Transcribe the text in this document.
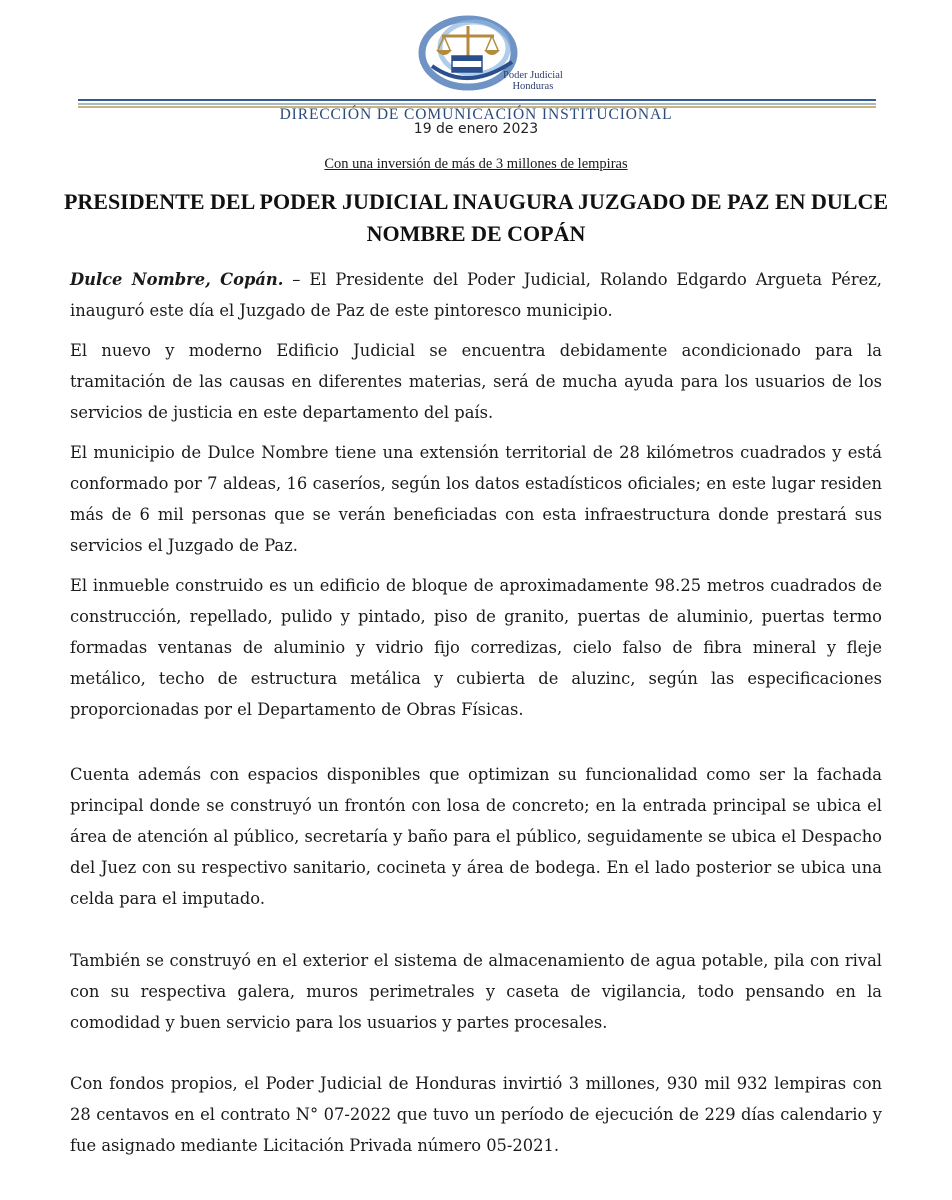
Poder Judicial
Honduras
DIRECCIÓN DE COMUNICACIÓN INSTITUCIONAL
19 de enero 2023
Con una inversión de más de 3 millones de lempiras
PRESIDENTE DEL PODER JUDICIAL INAUGURA JUZGADO DE PAZ EN DULCE NOMBRE DE COPÁN

Dulce Nombre, Copán. – El Presidente del Poder Judicial, Rolando Edgardo Argueta Pérez, inauguró este día el Juzgado de Paz de este pintoresco municipio.

El nuevo y moderno Edificio Judicial se encuentra debidamente acondicionado para la tramitación de las causas en diferentes materias, será de mucha ayuda para los usuarios de los servicios de justicia en este departamento del país.

El municipio de Dulce Nombre tiene una extensión territorial de 28 kilómetros cuadrados y está conformado por 7 aldeas, 16 caseríos, según los datos estadísticos oficiales; en este lugar residen más de 6 mil personas que se verán beneficiadas con esta infraestructura donde prestará sus servicios el Juzgado de Paz.

El inmueble construido es un edificio de bloque de aproximadamente 98.25 metros cuadrados de construcción, repellado, pulido y pintado, piso de granito, puertas de aluminio, puertas termo formadas ventanas de aluminio y vidrio fijo corredizas, cielo falso de fibra mineral y fleje metálico, techo de estructura metálica y cubierta de aluzinc, según las especificaciones proporcionadas por el Departamento de Obras Físicas.

Cuenta además con espacios disponibles que optimizan su funcionalidad como ser la fachada principal donde se construyó un frontón con losa de concreto; en la entrada principal se ubica el área de atención al público, secretaría y baño para el público, seguidamente se ubica el Despacho del Juez con su respectivo sanitario, cocineta y área de bodega. En el lado posterior se ubica una celda para el imputado.

También se construyó en el exterior el sistema de almacenamiento de agua potable, pila con rival con su respectiva galera, muros perimetrales y caseta de vigilancia, todo pensando en la comodidad y buen servicio para los usuarios y partes procesales.

Con fondos propios, el Poder Judicial de Honduras invirtió 3 millones, 930 mil 932 lempiras con 28 centavos en el contrato N° 07-2022 que tuvo un período de ejecución de 229 días calendario y fue asignado mediante Licitación Privada número 05-2021.
